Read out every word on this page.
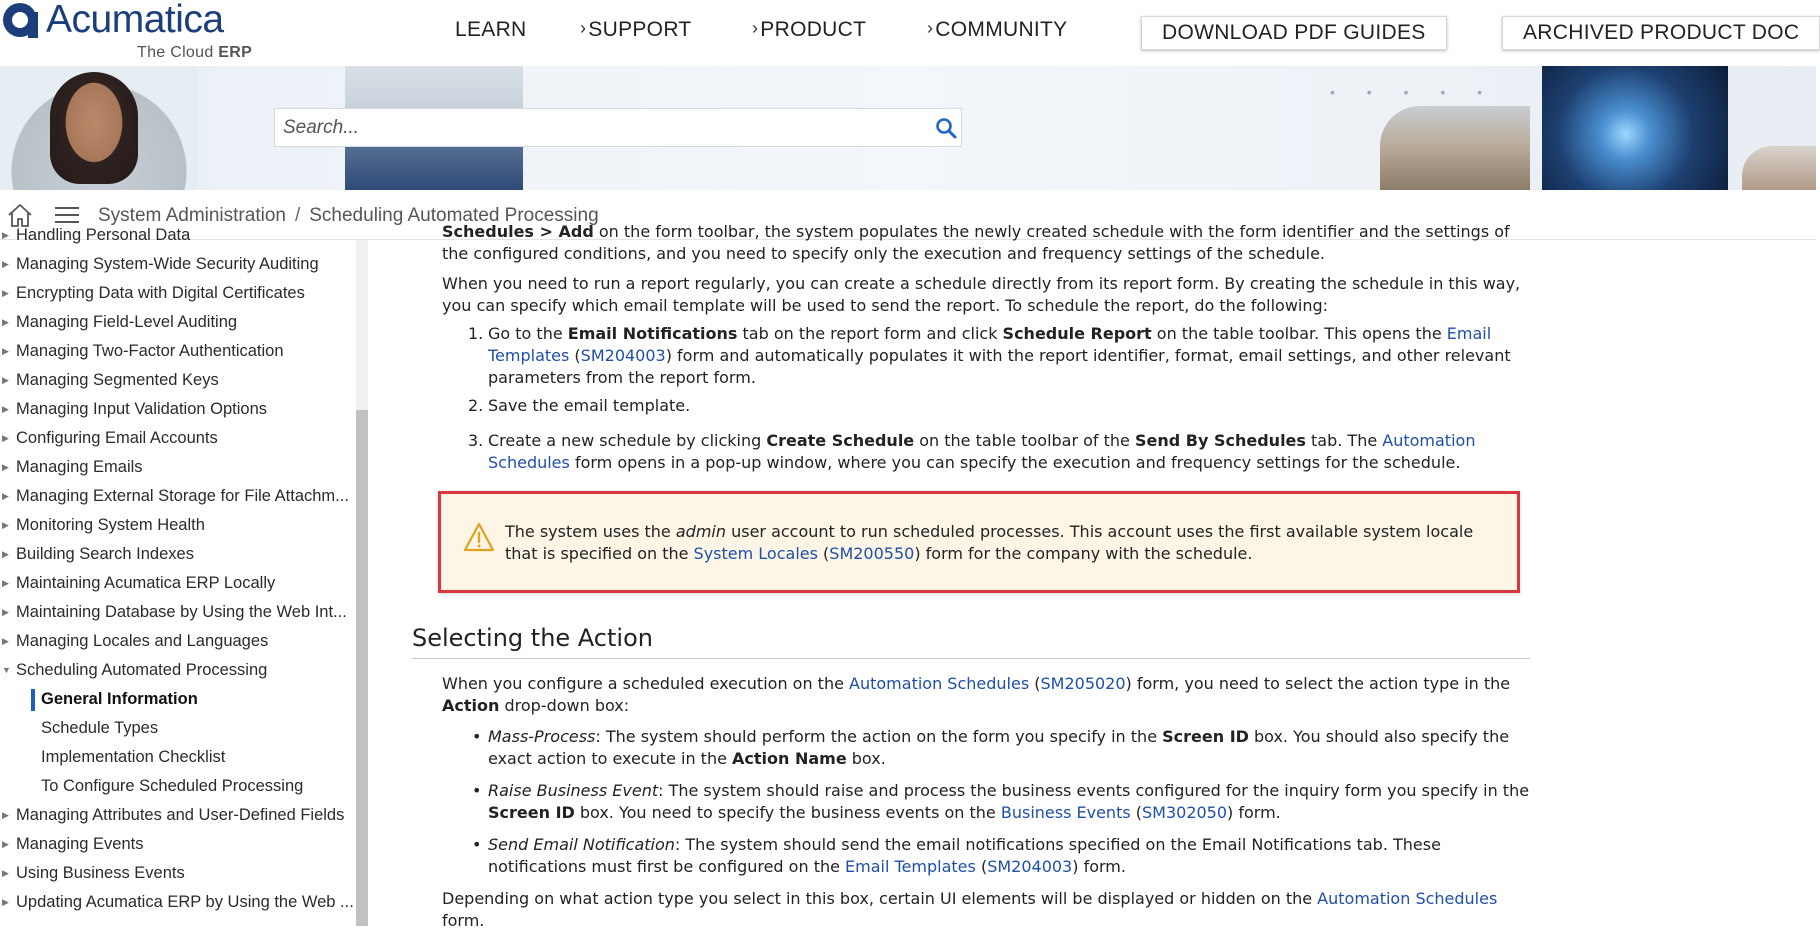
Acumatica
The Cloud ERP
LEARN	›SUPPORT	›PRODUCT	›COMMUNITY	DOWNLOAD PDF GUIDES	ARCHIVED PRODUCT DOC
• • • • •
Search...
System Administration / Scheduling Automated Processing
▶ Handling Personal Data
▶ Managing System-Wide Security Auditing
▶ Encrypting Data with Digital Certificates
▶ Managing Field-Level Auditing
▶ Managing Two-Factor Authentication
▶ Managing Segmented Keys
▶ Managing Input Validation Options
▶ Configuring Email Accounts
▶ Managing Emails
▶ Managing External Storage for File Attachm...
▶ Monitoring System Health
▶ Building Search Indexes
▶ Maintaining Acumatica ERP Locally
▶ Maintaining Database by Using the Web Int...
▶ Managing Locales and Languages
▼ Scheduling Automated Processing
General Information
Schedule Types
Implementation Checklist
To Configure Scheduled Processing
▶ Managing Attributes and User-Defined Fields
▶ Managing Events
▶ Using Business Events
▶ Updating Acumatica ERP by Using the Web ...
Schedules > Add on the form toolbar, the system populates the newly created schedule with the form identifier and the settings of the configured conditions, and you need to specify only the execution and frequency settings of the schedule.
When you need to run a report regularly, you can create a schedule directly from its report form. By creating the schedule in this way, you can specify which email template will be used to send the report. To schedule the report, do the following:
1. Go to the Email Notifications tab on the report form and click Schedule Report on the table toolbar. This opens the Email Templates (SM204003) form and automatically populates it with the report identifier, format, email settings, and other relevant parameters from the report form.
2. Save the email template.
3. Create a new schedule by clicking Create Schedule on the table toolbar of the Send By Schedules tab. The Automation Schedules form opens in a pop-up window, where you can specify the execution and frequency settings for the schedule.
The system uses the admin user account to run scheduled processes. This account uses the first available system locale that is specified on the System Locales (SM200550) form for the company with the schedule.
Selecting the Action
When you configure a scheduled execution on the Automation Schedules (SM205020) form, you need to select the action type in the Action drop-down box:
• Mass-Process: The system should perform the action on the form you specify in the Screen ID box. You should also specify the exact action to execute in the Action Name box.
• Raise Business Event: The system should raise and process the business events configured for the inquiry form you specify in the Screen ID box. You need to specify the business events on the Business Events (SM302050) form.
• Send Email Notification: The system should send the email notifications specified on the Email Notifications tab. These notifications must first be configured on the Email Templates (SM204003) form.
Depending on what action type you select in this box, certain UI elements will be displayed or hidden on the Automation Schedules form.
